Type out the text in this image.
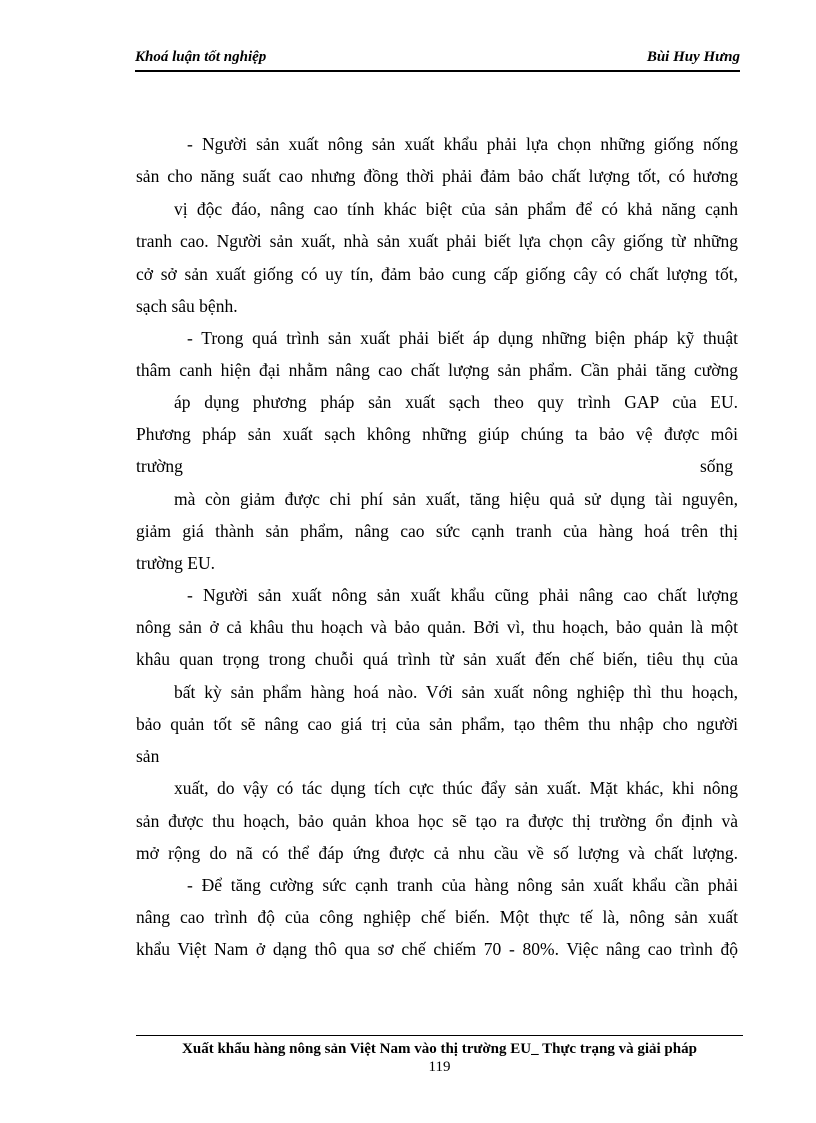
Khoá luận tốt nghiệp	Bùi Huy Hưng
- Người sản xuất nông sản xuất khẩu phải lựa chọn những giống nống
sản cho năng suất cao nhưng đồng thời phải đảm bảo chất lượng tốt, có hương
vị độc đáo, nâng cao tính khác biệt của sản phẩm để có khả năng cạnh
tranh cao. Người sản xuất, nhà sản xuất phải biết lựa chọn cây giống từ những
cở sở sản xuất giống có uy tín, đảm bảo cung cấp giống cây có chất lượng tốt,
sạch sâu bệnh.
- Trong quá trình sản xuất phải biết áp dụng những biện pháp kỹ thuật
thâm canh hiện đại nhằm nâng cao chất lượng sản phẩm. Cần phải tăng cường
áp dụng phương pháp sản xuất sạch theo quy trình GAP của EU.
Phương pháp sản xuất sạch không những giúp chúng ta bảo vệ được môi
trường	sống
mà còn giảm được chi phí sản xuất, tăng hiệu quả sử dụng tài nguyên,
giảm giá thành sản phẩm, nâng cao sức cạnh tranh của hàng hoá trên thị
trường EU.
- Người sản xuất nông sản xuất khẩu cũng phải nâng cao chất lượng
nông sản ở cả khâu thu hoạch và bảo quản. Bởi vì, thu hoạch, bảo quản là một
khâu quan trọng trong chuỗi quá trình từ sản xuất đến chế biến, tiêu thụ của
bất kỳ sản phẩm hàng hoá nào. Với sản xuất nông nghiệp thì thu hoạch,
bảo quản tốt sẽ nâng cao giá trị của sản phẩm, tạo thêm thu nhập cho người
sản
xuất, do vậy có tác dụng tích cực thúc đẩy sản xuất. Mặt khác, khi nông
sản được thu hoạch, bảo quản khoa học sẽ tạo ra được thị trường ổn định và
mở rộng do nã có thể đáp ứng được cả nhu cầu về số lượng và chất lượng.
- Để tăng cường sức cạnh tranh của hàng nông sản xuất khẩu cần phải
nâng cao trình độ của công nghiệp chế biến. Một thực tế là, nông sản xuất
khẩu Việt Nam ở dạng thô qua sơ chế chiếm 70 - 80%. Việc nâng cao trình độ
Xuất khẩu hàng nông sản Việt Nam vào thị trường EU_ Thực trạng và giải pháp
119
